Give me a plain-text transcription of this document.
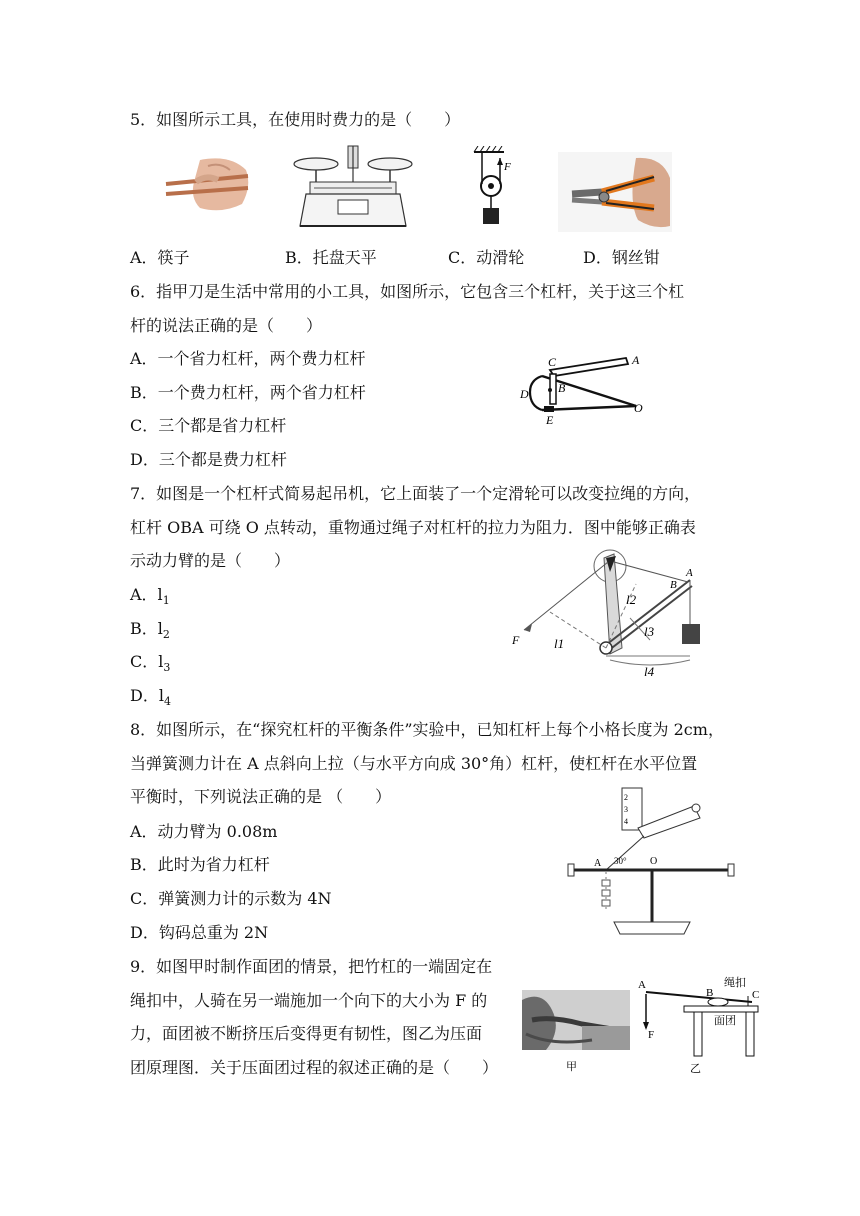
5．如图所示工具，在使用时费力的是（　　）
F
A．筷子	B．托盘天平	C．动滑轮	D．钢丝钳
6．指甲刀是生活中常用的小工具，如图所示，它包含三个杠杆，关于这三个杠
杆的说法正确的是（　　）
A．一个省力杠杆，两个费力杠杆
B．一个费力杠杆，两个省力杠杆
C．三个都是省力杠杆
D．三个都是费力杠杆
C	A
B
D
O
E
7．如图是一个杠杆式简易起吊机，它上面装了一个定滑轮可以改变拉绳的方向，
杠杆 OBA 可绕 O 点转动，重物通过绳子对杠杆的拉力为阻力．图中能够正确表
示动力臂的是（　　）
A．$l_1$
B．$l_2$
C．$l_3$
D．$l_4$
F	l1
l2
l3
l4
A
B
8．如图所示，在“探究杠杆的平衡条件”实验中，已知杠杆上每个小格长度为 2cm，
当弹簧测力计在 A 点斜向上拉（与水平方向成 30°角）杠杆，使杠杆在水平位置
平衡时，下列说法正确的是 （　　）
A．动力臂为 0.08m
B．此时为省力杠杆
C．弹簧测力计的示数为 4N
D．钩码总重为 2N
2
3
4
A 30° O
9．如图甲时制作面团的情景，把竹杠的一端固定在
绳扣中，人骑在另一端施加一个向下的大小为 F 的
力，面团被不断挤压后变得更有韧性，图乙为压面
团原理图．关于压面团过程的叙述正确的是（　　）	甲
绳扣
A
B	C
F
面团
乙
